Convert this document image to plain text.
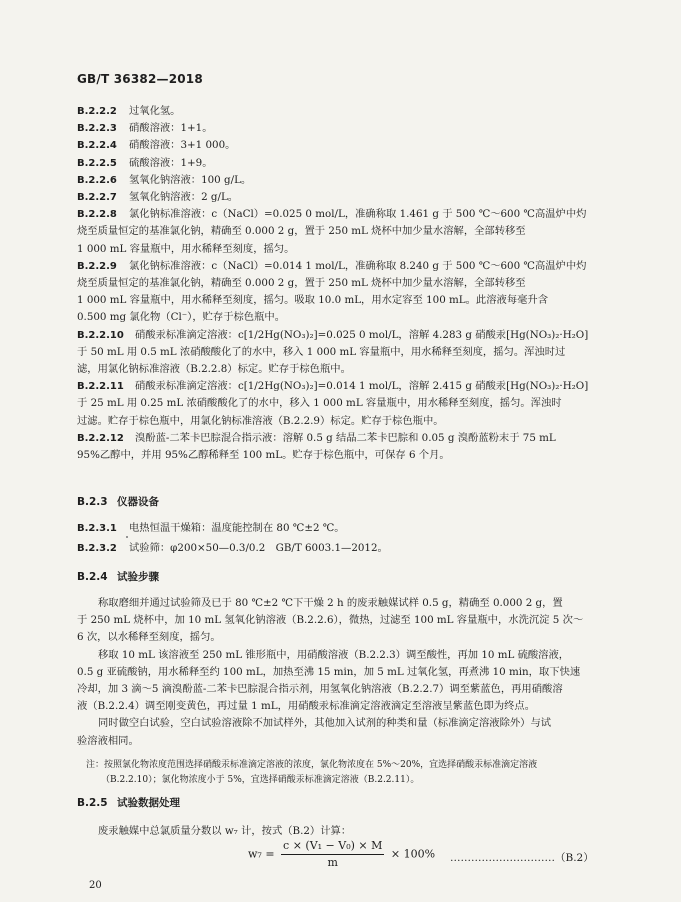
GB/T 36382—2018
B.2.2.2 过氧化氢。
B.2.2.3 硝酸溶液：1+1。
B.2.2.4 硝酸溶液：3+1 000。
B.2.2.5 硫酸溶液：1+9。
B.2.2.6 氢氧化钠溶液：100 g/L。
B.2.2.7 氢氧化钠溶液：2 g/L。
B.2.2.8 氯化钠标准溶液：c（NaCl）=0.025 0 mol/L，准确称取 1.461 g 于 500 ℃～600 ℃高温炉中灼
烧至质量恒定的基准氯化钠，精确至 0.000 2 g，置于 250 mL 烧杯中加少量水溶解，全部转移至
1 000 mL 容量瓶中，用水稀释至刻度，摇匀。
B.2.2.9 氯化钠标准溶液：c（NaCl）=0.014 1 mol/L，准确称取 8.240 g 于 500 ℃～600 ℃高温炉中灼
烧至质量恒定的基准氯化钠，精确至 0.000 2 g，置于 250 mL 烧杯中加少量水溶解，全部转移至
1 000 mL 容量瓶中，用水稀释至刻度，摇匀。吸取 10.0 mL，用水定容至 100 mL。此溶液每毫升含
0.500 mg 氯化物（Cl⁻），贮存于棕色瓶中。
B.2.2.10 硝酸汞标准滴定溶液：c[1/2Hg(NO₃)₂]=0.025 0 mol/L，溶解 4.283 g 硝酸汞[Hg(NO₃)₂·H₂O]
于 50 mL 用 0.5 mL 浓硝酸酸化了的水中，移入 1 000 mL 容量瓶中，用水稀释至刻度，摇匀。浑浊时过
滤，用氯化钠标准溶液（B.2.2.8）标定。贮存于棕色瓶中。
B.2.2.11 硝酸汞标准滴定溶液：c[1/2Hg(NO₃)₂]=0.014 1 mol/L，溶解 2.415 g 硝酸汞[Hg(NO₃)₂·H₂O]
于 25 mL 用 0.25 mL 浓硝酸酸化了的水中，移入 1 000 mL 容量瓶中，用水稀释至刻度，摇匀。浑浊时
过滤。贮存于棕色瓶中，用氯化钠标准溶液（B.2.2.9）标定。贮存于棕色瓶中。
B.2.2.12 溴酚蓝-二苯卡巴腙混合指示液：溶解 0.5 g 结晶二苯卡巴腙和 0.05 g 溴酚蓝粉末于 75 mL
95%乙醇中，并用 95%乙醇稀释至 100 mL。贮存于棕色瓶中，可保存 6 个月。
B.2.3 仪器设备
B.2.3.1 电热恒温干燥箱：温度能控制在 80 ℃±2 ℃。
B.2.3.2 试验筛：φ200×50—0.3/0.2　GB/T 6003.1—2012。
B.2.4 试验步骤
称取磨细并通过试验筛及已于 80 ℃±2 ℃下干燥 2 h 的废汞触媒试样 0.5 g，精确至 0.000 2 g，置
于 250 mL 烧杯中，加 10 mL 氢氧化钠溶液（B.2.2.6），微热，过滤至 100 mL 容量瓶中，水洗沉淀 5 次～
6 次，以水稀释至刻度，摇匀。
移取 10 mL 该溶液至 250 mL 锥形瓶中，用硝酸溶液（B.2.2.3）调至酸性，再加 10 mL 硫酸溶液，
0.5 g 亚硫酸钠，用水稀释至约 100 mL，加热至沸 15 min，加 5 mL 过氧化氢，再煮沸 10 min，取下快速
冷却，加 3 滴～5 滴溴酚蓝-二苯卡巴腙混合指示剂，用氢氧化钠溶液（B.2.2.7）调至紫蓝色，再用硝酸溶
液（B.2.2.4）调至刚变黄色，再过量 1 mL，用硝酸汞标准滴定溶液滴定至溶液呈紫蓝色即为终点。
同时做空白试验，空白试验溶液除不加试样外，其他加入试剂的种类和量（标准滴定溶液除外）与试
验溶液相同。
注：按照氯化物浓度范围选择硝酸汞标准滴定溶液的浓度，氯化物浓度在 5%～20%，宜选择硝酸汞标准滴定溶液
（B.2.2.10）；氯化物浓度小于 5%，宜选择硝酸汞标准滴定溶液（B.2.2.11）。
B.2.5 试验数据处理
废汞触媒中总氯质量分数以 w₇ 计，按式（B.2）计算：
$w_7 = \frac{\text{c × (V₁ − V₀) × M}}{m} \times 100\%$ …………………………（B.2）
20
